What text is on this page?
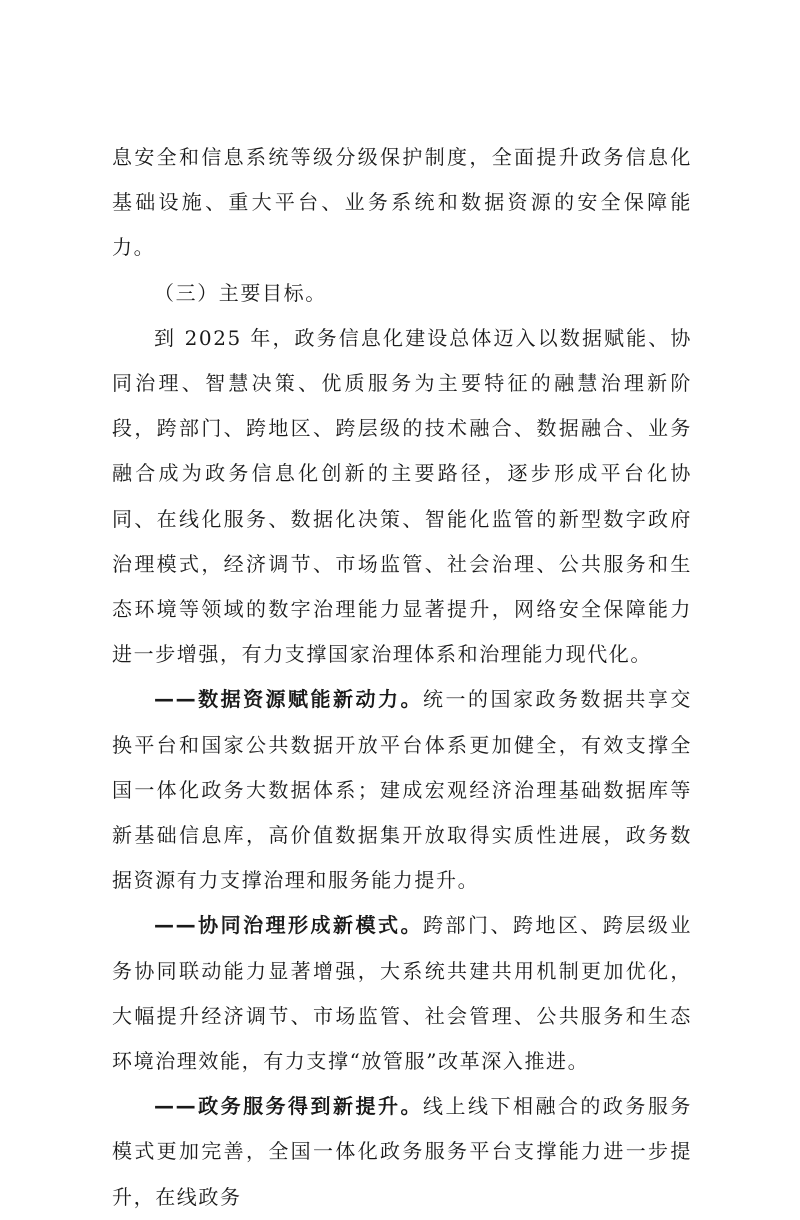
息安全和信息系统等级分级保护制度，全面提升政务信息化基础设施、重大平台、业务系统和数据资源的安全保障能力。

（三）主要目标。

到 2025 年，政务信息化建设总体迈入以数据赋能、协同治理、智慧决策、优质服务为主要特征的融慧治理新阶段，跨部门、跨地区、跨层级的技术融合、数据融合、业务融合成为政务信息化创新的主要路径，逐步形成平台化协同、在线化服务、数据化决策、智能化监管的新型数字政府治理模式，经济调节、市场监管、社会治理、公共服务和生态环境等领域的数字治理能力显著提升，网络安全保障能力进一步增强，有力支撑国家治理体系和治理能力现代化。

——数据资源赋能新动力。统一的国家政务数据共享交换平台和国家公共数据开放平台体系更加健全，有效支撑全国一体化政务大数据体系；建成宏观经济治理基础数据库等新基础信息库，高价值数据集开放取得实质性进展，政务数据资源有力支撑治理和服务能力提升。

——协同治理形成新模式。跨部门、跨地区、跨层级业务协同联动能力显著增强，大系统共建共用机制更加优化，大幅提升经济调节、市场监管、社会管理、公共服务和生态环境治理效能，有力支撑“放管服”改革深入推进。

——政务服务得到新提升。线上线下相融合的政务服务模式更加完善，全国一体化政务服务平台支撑能力进一步提升，在线政务
